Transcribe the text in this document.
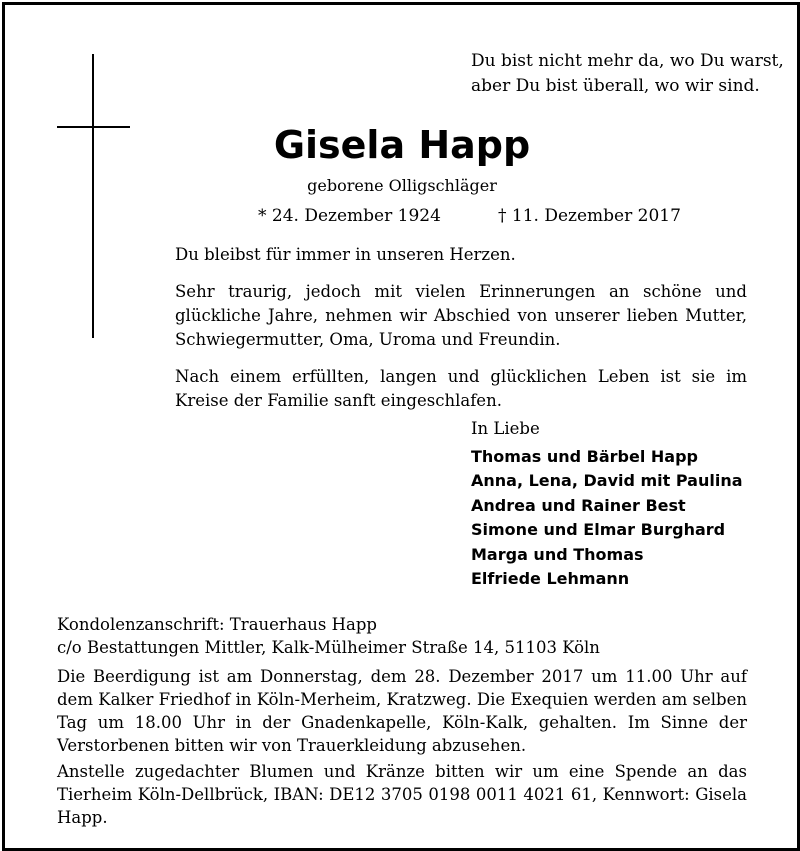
Du bist nicht mehr da, wo Du warst,
aber Du bist überall, wo wir sind.
Gisela Happ
geborene Olligschläger
* 24. Dezember 1924	† 11. Dezember 2017

Du bleibst für immer in unseren Herzen.

Sehr traurig, jedoch mit vielen Erinnerungen an schöne und glückliche Jahre, nehmen wir Abschied von unserer lieben Mutter, Schwiegermutter, Oma, Uroma und Freundin.

Nach einem erfüllten, langen und glücklichen Leben ist sie im Kreise der Familie sanft eingeschlafen.

In Liebe
Thomas und Bärbel Happ
Anna, Lena, David mit Paulina
Andrea und Rainer Best
Simone und Elmar Burghard
Marga und Thomas
Elfriede Lehmann
Kondolenzanschrift: Trauerhaus Happ
c/o Bestattungen Mittler, Kalk-Mülheimer Straße 14, 51103 Köln

Die Beerdigung ist am Donnerstag, dem 28. Dezember 2017 um 11.00 Uhr auf dem Kalker Friedhof in Köln-Merheim, Kratzweg. Die Exequien werden am selben Tag um 18.00 Uhr in der Gnadenkapelle, Köln-Kalk, gehalten. Im Sinne der Verstorbenen bitten wir von Trauerkleidung abzusehen.

Anstelle zugedachter Blumen und Kränze bitten wir um eine Spende an das Tierheim Köln-Dellbrück, IBAN: DE12 3705 0198 0011 4021 61, Kennwort: Gisela Happ.
